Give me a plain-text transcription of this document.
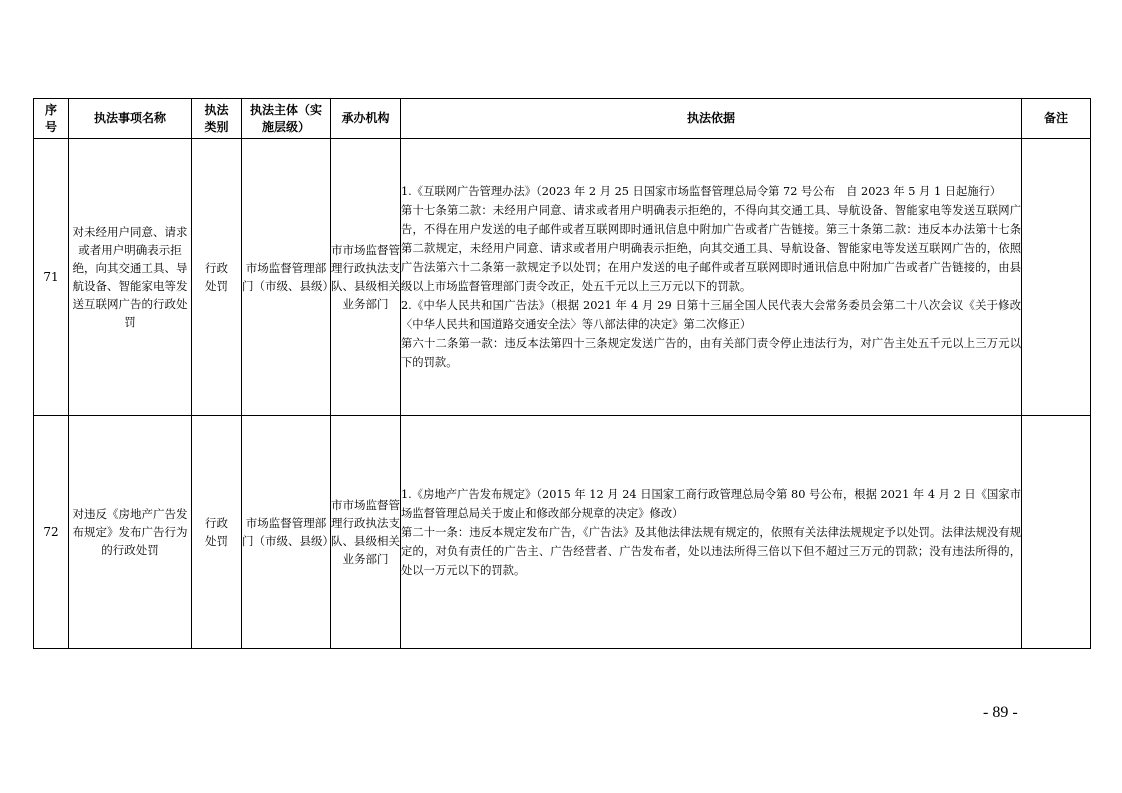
序号	执法事项名称	执法类别	执法主体（实施层级）	承办机构	执法依据	备注
71	对未经用户同意、请求或者用户明确表示拒绝，向其交通工具、导航设备、智能家电等发送互联网广告的行政处罚	行政处罚	市场监督管理部门（市级、县级）	市市场监督管理行政执法支队、县级相关业务部门	1.《互联网广告管理办法》（2023 年 2 月 25 日国家市场监督管理总局令第 72 号公布　自 2023 年 5 月 1 日起施行）

第十七条第二款：未经用户同意、请求或者用户明确表示拒绝的，不得向其交通工具、导航设备、智能家电等发送互联网广告，不得在用户发送的电子邮件或者互联网即时通讯信息中附加广告或者广告链接。第三十条第二款：违反本办法第十七条第二款规定，未经用户同意、请求或者用户明确表示拒绝，向其交通工具、导航设备、智能家电等发送互联网广告的，依照广告法第六十二条第一款规定予以处罚；在用户发送的电子邮件或者互联网即时通讯信息中附加广告或者广告链接的，由县级以上市场监督管理部门责令改正，处五千元以上三万元以下的罚款。

2.《中华人民共和国广告法》（根据 2021 年 4 月 29 日第十三届全国人民代表大会常务委员会第二十八次会议《关于修改〈中华人民共和国道路交通安全法〉等八部法律的决定》第二次修正）

第六十二条第一款：违反本法第四十三条规定发送广告的，由有关部门责令停止违法行为，对广告主处五千元以上三万元以下的罚款。	

72	对违反《房地产广告发布规定》发布广告行为的行政处罚	行政处罚	市场监督管理部门（市级、县级）	市市场监督管理行政执法支队、县级相关业务部门	1.《房地产广告发布规定》（2015 年 12 月 24 日国家工商行政管理总局令第 80 号公布，根据 2021 年 4 月 2 日《国家市场监督管理总局关于废止和修改部分规章的决定》修改）

第二十一条：违反本规定发布广告，《广告法》及其他法律法规有规定的，依照有关法律法规规定予以处罚。法律法规没有规定的，对负有责任的广告主、广告经营者、广告发布者，处以违法所得三倍以下但不超过三万元的罚款；没有违法所得的，处以一万元以下的罚款。	

- 89 -
